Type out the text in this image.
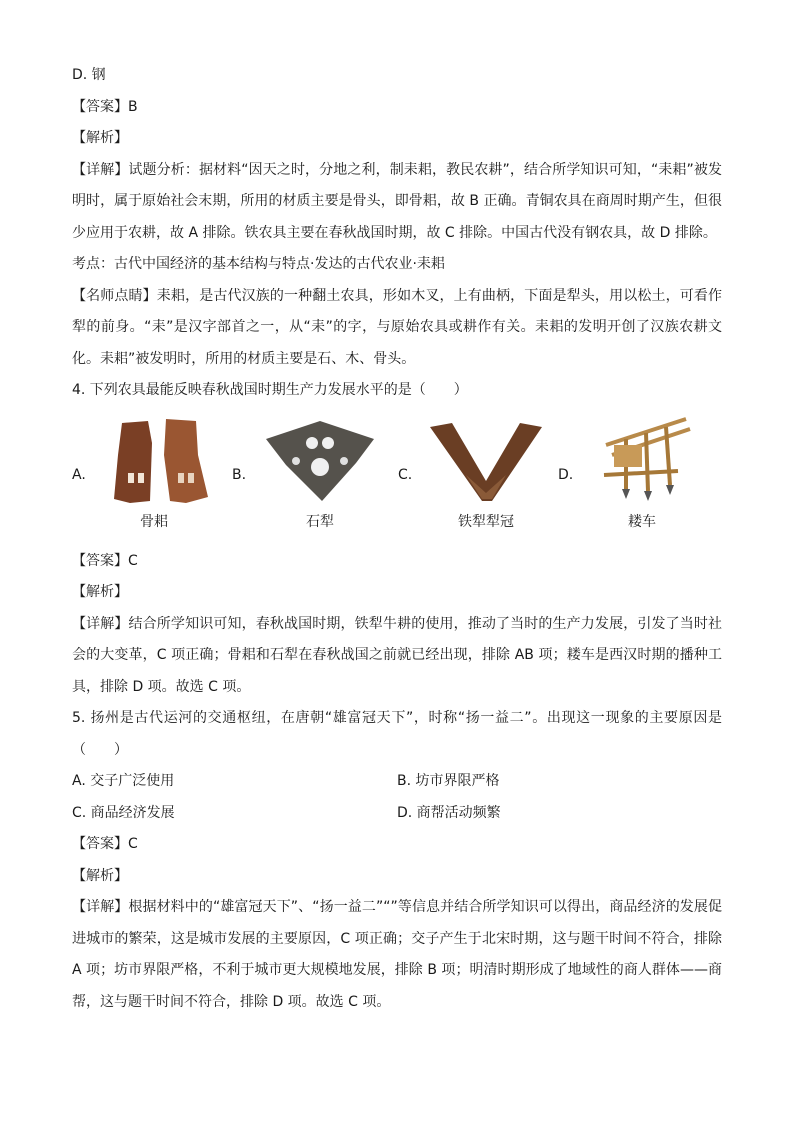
D. 钢
【答案】B
【解析】
【详解】试题分析：据材料“因天之时，分地之利，制耒耜，教民农耕”，结合所学知识可知，“耒耜”被发明时，属于原始社会末期，所用的材质主要是骨头，即骨耜，故 B 正确。青铜农具在商周时期产生，但很少应用于农耕，故 A 排除。铁农具主要在春秋战国时期，故 C 排除。中国古代没有钢农具，故 D 排除。
考点：古代中国经济的基本结构与特点·发达的古代农业·耒耜
【名师点睛】耒耜，是古代汉族的一种翻土农具，形如木叉，上有曲柄，下面是犁头，用以松土，可看作犁的前身。“耒”是汉字部首之一，从“耒”的字，与原始农具或耕作有关。耒耜的发明开创了汉族农耕文化。耒耜”被发明时，所用的材质主要是石、木、骨头。
4. 下列农具最能反映春秋战国时期生产力发展水平的是（　　）
A.
骨耜
B.
石犁
C.
铁犁犁冠
D.
耧车
【答案】C
【解析】
【详解】结合所学知识可知，春秋战国时期，铁犁牛耕的使用，推动了当时的生产力发展，引发了当时社会的大变革，C 项正确；骨耜和石犁在春秋战国之前就已经出现，排除 AB 项；耧车是西汉时期的播种工具，排除 D 项。故选 C 项。
5. 扬州是古代运河的交通枢纽，在唐朝“雄富冠天下”，时称“扬一益二”。出现这一现象的主要原因是（　　）
A. 交子广泛使用	B. 坊市界限严格
C. 商品经济发展	D. 商帮活动频繁
【答案】C
【解析】
【详解】根据材料中的“雄富冠天下”、“扬一益二”“”等信息并结合所学知识可以得出，商品经济的发展促进城市的繁荣，这是城市发展的主要原因，C 项正确；交子产生于北宋时期，这与题干时间不符合，排除 A 项；坊市界限严格，不利于城市更大规模地发展，排除 B 项；明清时期形成了地域性的商人群体——商帮，这与题干时间不符合，排除 D 项。故选 C 项。
